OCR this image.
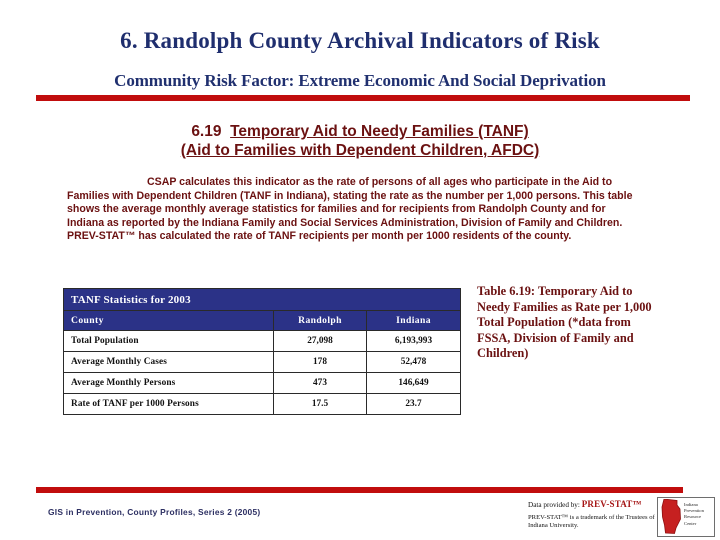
6. Randolph County Archival Indicators of Risk
Community Risk Factor: Extreme Economic And Social Deprivation
6.19 Temporary Aid to Needy Families (TANF)
(Aid to Families with Dependent Children, AFDC)
CSAP calculates this indicator as the rate of persons of all ages who participate in the Aid to Families with Dependent Children (TANF in Indiana), stating the rate as the number per 1,000 persons. This table shows the average monthly average statistics for families and for recipients from Randolph County and for Indiana as reported by the Indiana Family and Social Services Administration, Division of Family and Children. PREV-STAT™ has calculated the rate of TANF recipients per month per 1000 residents of the county.
TANF Statistics for 2003		
County	Randolph	Indiana
Total Population	27,098	6,193,993
Average Monthly Cases	178	52,478
Average Monthly Persons	473	146,649
Rate of TANF per 1000 Persons	17.5	23.7
Table 6.19: Temporary Aid to Needy Families as Rate per 1,000 Total Population (*data from FSSA, Division of Family and Children)
GIS in Prevention, County Profiles, Series 2 (2005)
Data provided by: PREV-STAT™
PREV-STAT™ is a trademark of the Trustees of Indiana University.
Indiana Prevention Resource Center
